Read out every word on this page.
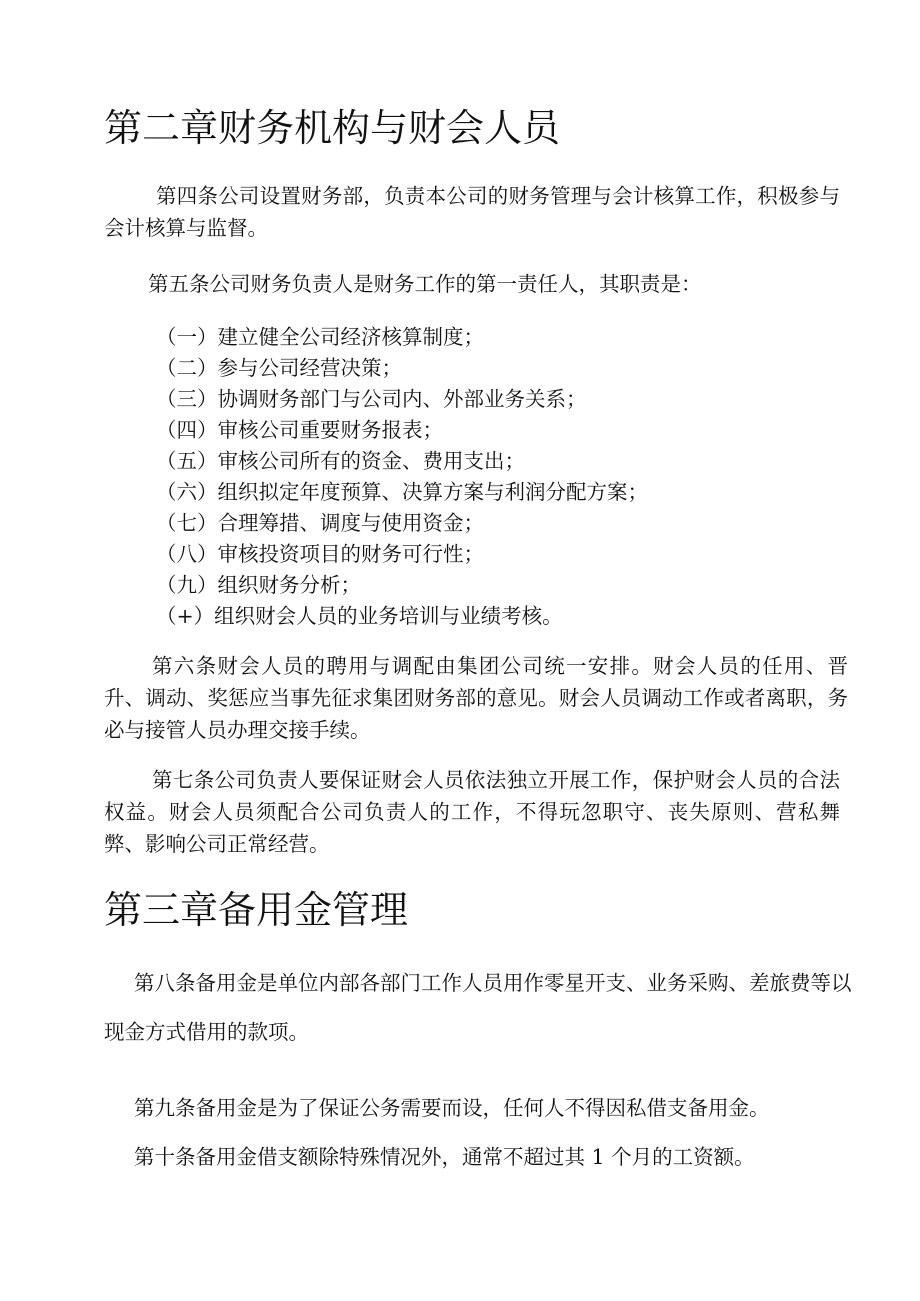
第二章财务机构与财会人员

第四条公司设置财务部，负责本公司的财务管理与会计核算工作，积极参与会计核算与监督。

第五条公司财务负责人是财务工作的第一责任人，其职责是：

（一）建立健全公司经济核算制度；
（二）参与公司经营决策；
（三）协调财务部门与公司内、外部业务关系；
（四）审核公司重要财务报表；
（五）审核公司所有的资金、费用支出；
（六）组织拟定年度预算、决算方案与利润分配方案；
（七）合理筹措、调度与使用资金；
（八）审核投资项目的财务可行性；
（九）组织财务分析；
（+）组织财会人员的业务培训与业绩考核。

第六条财会人员的聘用与调配由集团公司统一安排。财会人员的任用、晋升、调动、奖惩应当事先征求集团财务部的意见。财会人员调动工作或者离职，务必与接管人员办理交接手续。

第七条公司负责人要保证财会人员依法独立开展工作，保护财会人员的合法权益。财会人员须配合公司负责人的工作，不得玩忽职守、丧失原则、营私舞弊、影响公司正常经营。

第三章备用金管理

第八条备用金是单位内部各部门工作人员用作零星开支、业务采购、差旅费等以

现金方式借用的款项。

第九条备用金是为了保证公务需要而设，任何人不得因私借支备用金。

第十条备用金借支额除特殊情况外，通常不超过其 1 个月的工资额。
